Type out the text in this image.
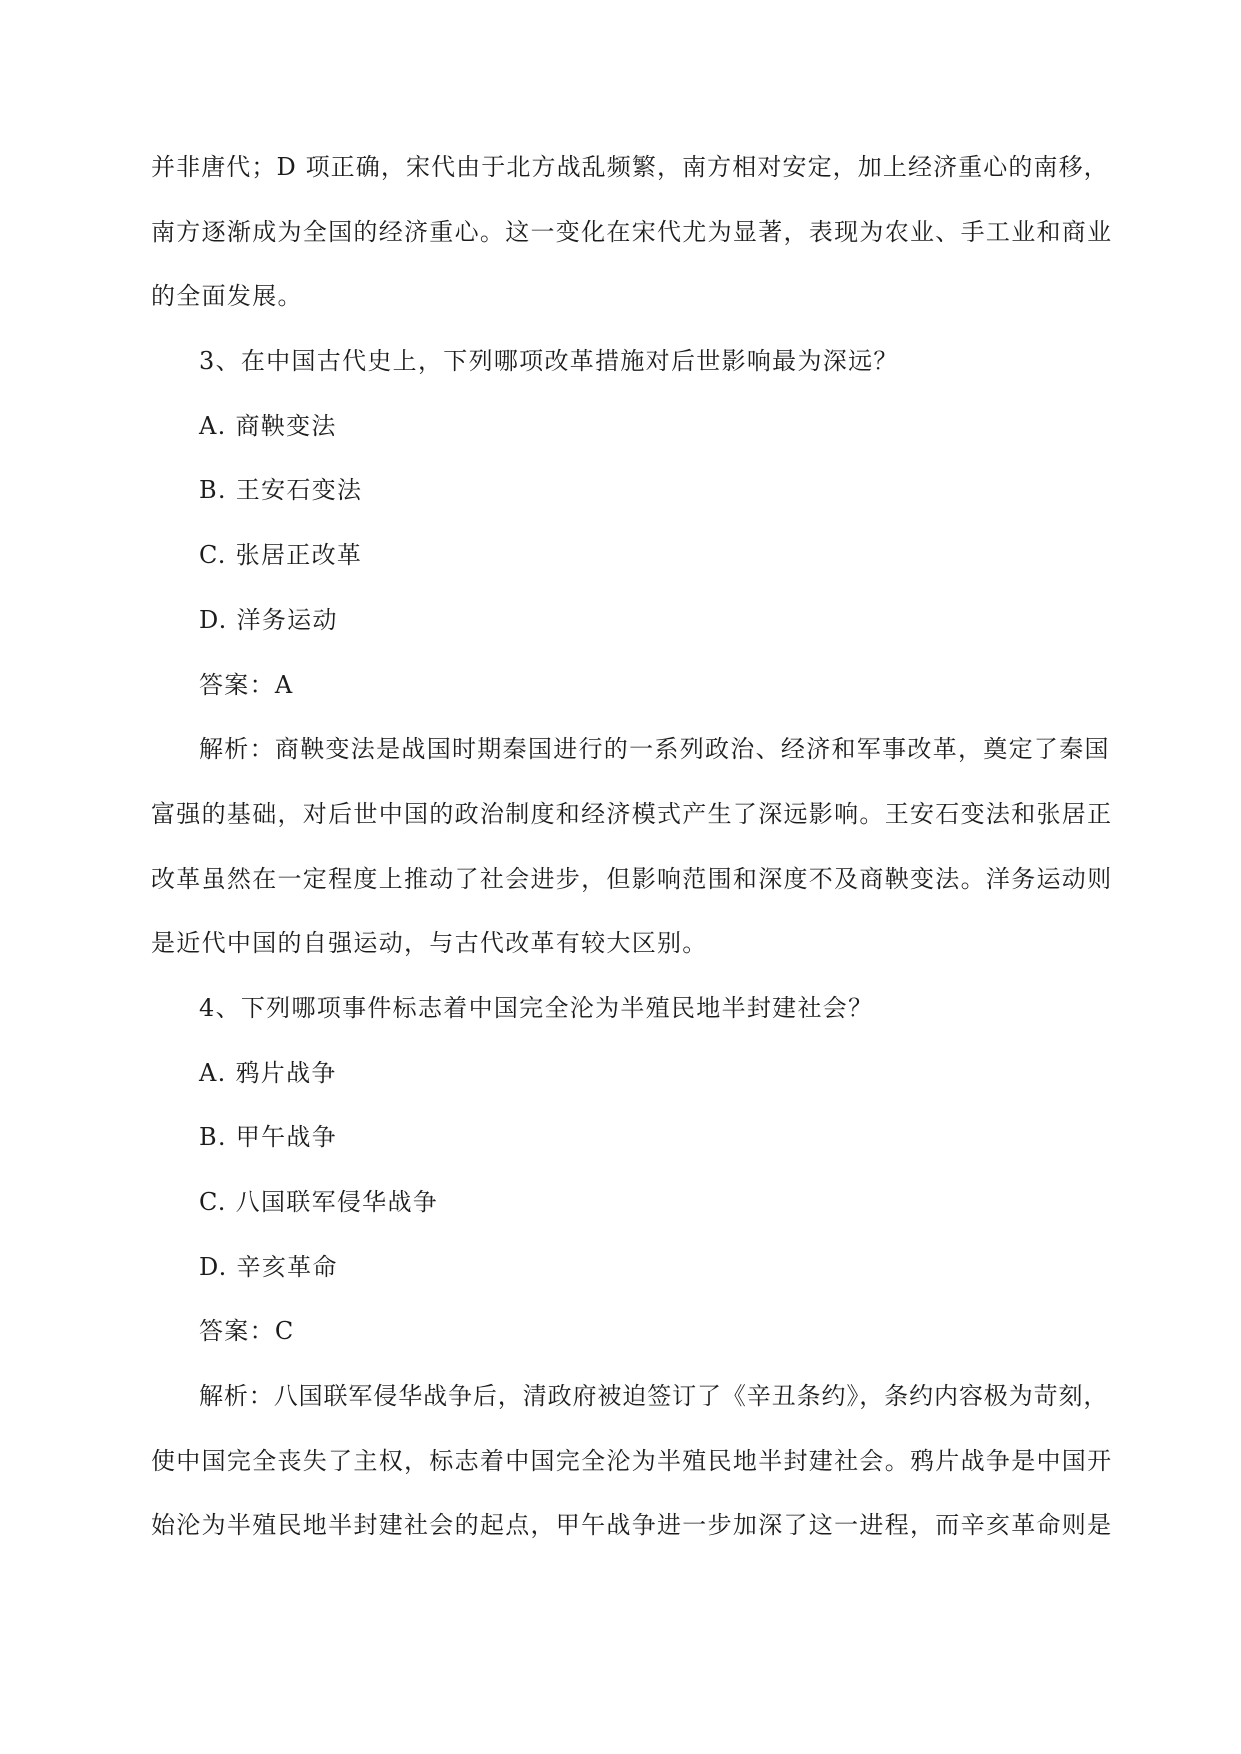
并非唐代；D 项正确，宋代由于北方战乱频繁，南方相对安定，加上经济重心的南移，
南方逐渐成为全国的经济重心。这一变化在宋代尤为显著，表现为农业、手工业和商业
的全面发展。
3、在中国古代史上，下列哪项改革措施对后世影响最为深远？
A. 商鞅变法
B. 王安石变法
C. 张居正改革
D. 洋务运动
答案：A
解析：商鞅变法是战国时期秦国进行的一系列政治、经济和军事改革，奠定了秦国
富强的基础，对后世中国的政治制度和经济模式产生了深远影响。王安石变法和张居正
改革虽然在一定程度上推动了社会进步，但影响范围和深度不及商鞅变法。洋务运动则
是近代中国的自强运动，与古代改革有较大区别。
4、下列哪项事件标志着中国完全沦为半殖民地半封建社会？
A. 鸦片战争
B. 甲午战争
C. 八国联军侵华战争
D. 辛亥革命
答案：C
解析：八国联军侵华战争后，清政府被迫签订了《辛丑条约》，条约内容极为苛刻，
使中国完全丧失了主权，标志着中国完全沦为半殖民地半封建社会。鸦片战争是中国开
始沦为半殖民地半封建社会的起点，甲午战争进一步加深了这一进程，而辛亥革命则是
